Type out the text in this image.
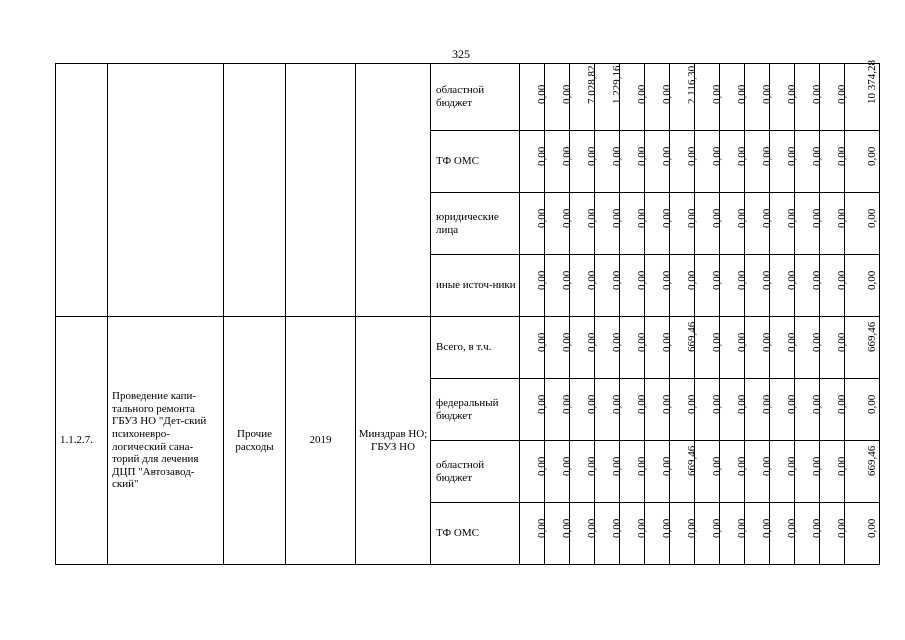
325
					областной бюджет	0,00	0,00	7 028,82	1 229,16	0,00	0,00	2 116,30	0,00	0,00	0,00	0,00	0,00	0,00	10 374,28

					ТФ ОМС	0,00	0,00	0,00	0,00	0,00	0,00	0,00	0,00	0,00	0,00	0,00	0,00	0,00	0,00

					юридические лица	0,00	0,00	0,00	0,00	0,00	0,00	0,00	0,00	0,00	0,00	0,00	0,00	0,00	0,00

					иные источ-ники	0,00	0,00	0,00	0,00	0,00	0,00	0,00	0,00	0,00	0,00	0,00	0,00	0,00	0,00

1.1.2.7.	Проведение капи-тального ремонта ГБУЗ НО "Дет-ский психоневро-логический сана-торий для лечения ДЦП "Автозавод-ский"	Прочие расходы	2019	Минздрав НО; ГБУЗ НО	Всего, в т.ч.	0,00	0,00	0,00	0,00	0,00	0,00	669,46	0,00	0,00	0,00	0,00	0,00	0,00	669,46

					федеральный бюджет	0,00	0,00	0,00	0,00	0,00	0,00	0,00	0,00	0,00	0,00	0,00	0,00	0,00	0,00

					областной бюджет	0,00	0,00	0,00	0,00	0,00	0,00	669,46	0,00	0,00	0,00	0,00	0,00	0,00	669,46

					ТФ ОМС	0,00	0,00	0,00	0,00	0,00	0,00	0,00	0,00	0,00	0,00	0,00	0,00	0,00	0,00
